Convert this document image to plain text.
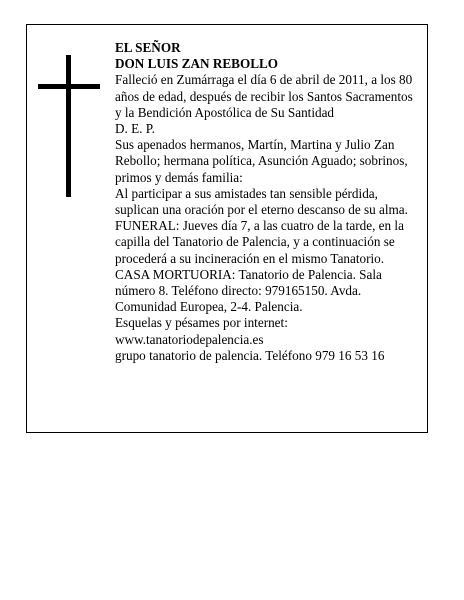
EL SEÑOR

DON LUIS ZAN REBOLLO

Falleció en Zumárraga el día 6 de abril de 2011, a los 80 años de edad, después de recibir los Santos Sacramentos y la Bendición Apostólica de Su Santidad

D. E. P.

Sus apenados hermanos, Martín, Martina y Julio Zan Rebollo; hermana política, Asunción Aguado; sobrinos, primos y demás familia:

Al participar a sus amistades tan sensible pérdida, suplican una oración por el eterno descanso de su alma.

FUNERAL: Jueves día 7, a las cuatro de la tarde, en la capilla del Tanatorio de Palencia, y a continuación se procederá a su incineración en el mismo Tanatorio.

CASA MORTUORIA: Tanatorio de Palencia. Sala número 8. Teléfono directo: 979165150. Avda. Comunidad Europea, 2-4. Palencia.

Esquelas y pésames por internet:

www.tanatoriodepalencia.es

grupo tanatorio de palencia. Teléfono 979 16 53 16
